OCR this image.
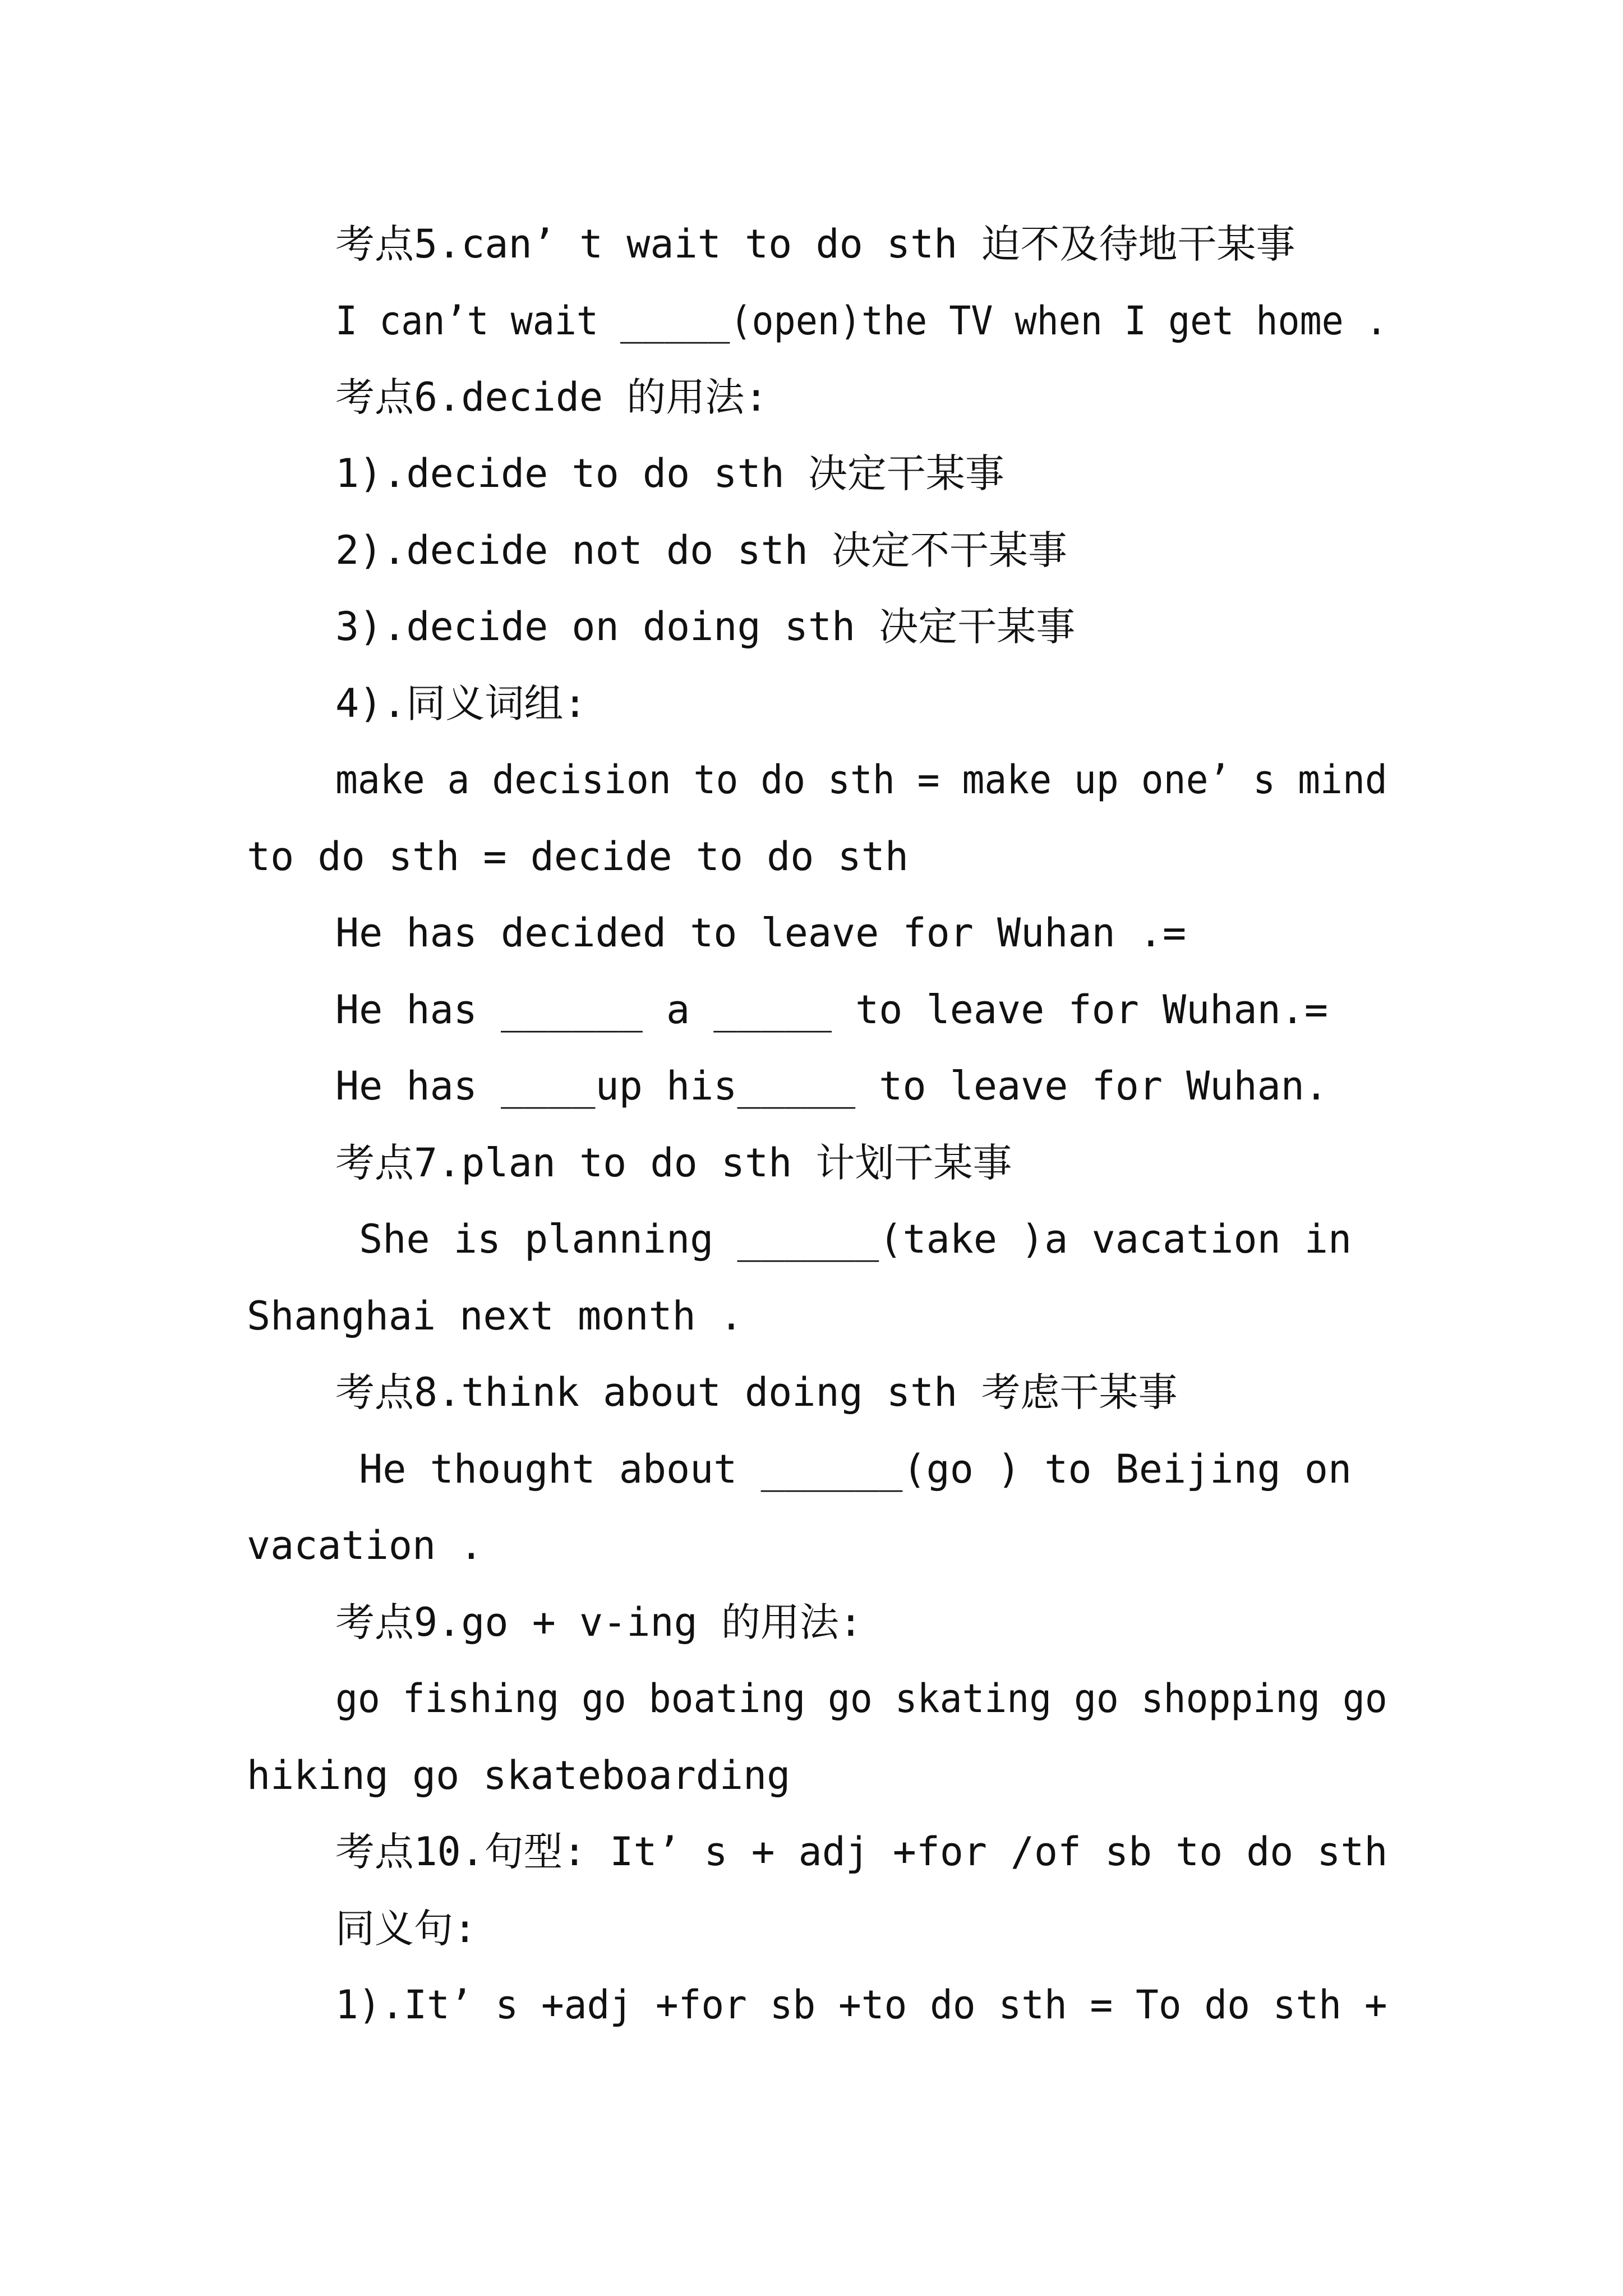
考点5.can’ t wait to do sth 迫不及待地干某事
I can’t wait _____(open)the TV when I get home .
考点6.decide 的用法:
1).decide to do sth 决定干某事
2).decide not do sth 决定不干某事
3).decide on doing sth 决定干某事
4).同义词组:
make a decision to do sth = make up one’ s mind
to do sth = decide to do sth
He has decided to leave for Wuhan .=
He has ______ a _____ to leave for Wuhan.=
He has ____up his_____ to leave for Wuhan.
考点7.plan to do sth 计划干某事
She is planning ______(take )a vacation in
Shanghai next month .
考点8.think about doing sth 考虑干某事
He thought about ______(go ) to Beijing on
vacation .
考点9.go + v-ing 的用法:
go fishing go boating go skating go shopping go
hiking go skateboarding
考点10.句型: It’ s + adj +for /of sb to do sth
同义句:
1).It’ s +adj +for sb +to do sth = To do sth +
